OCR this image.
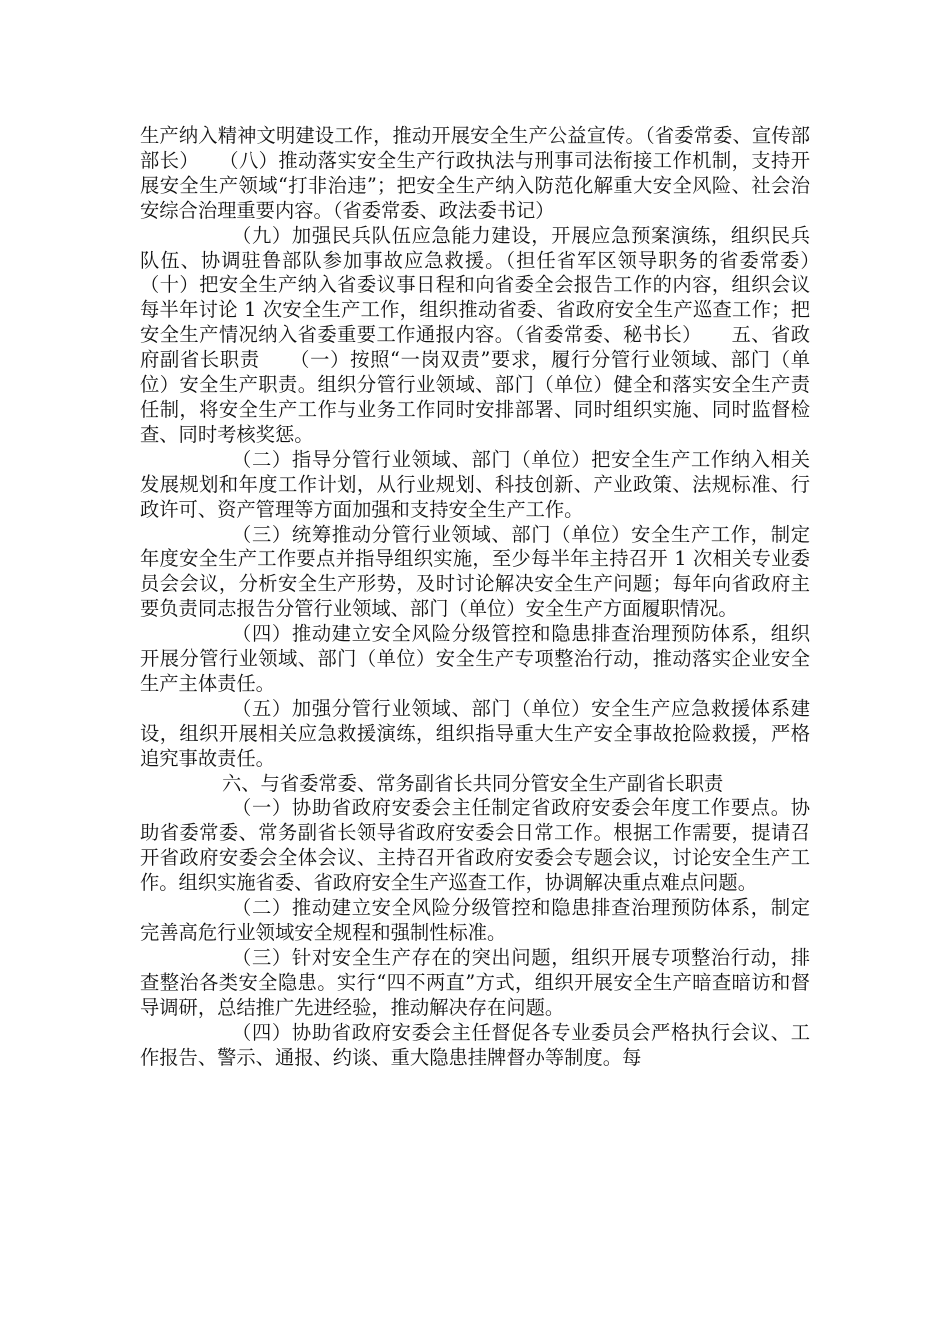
生产纳入精神文明建设工作，推动开展安全生产公益宣传。（省委常委、宣传部部长）　　（八）推动落实安全生产行政执法与刑事司法衔接工作机制，支持开展安全生产领域“打非治违”；把安全生产纳入防范化解重大安全风险、社会治安综合治理重要内容。（省委常委、政法委书记）

（九）加强民兵队伍应急能力建设，开展应急预案演练，组织民兵队伍、协调驻鲁部队参加事故应急救援。（担任省军区领导职务的省委常委）　　（十）把安全生产纳入省委议事日程和向省委全会报告工作的内容，组织会议每半年讨论 1 次安全生产工作，组织推动省委、省政府安全生产巡查工作；把安全生产情况纳入省委重要工作通报内容。（省委常委、秘书长）　　五、省政府副省长职责　　（一）按照“一岗双责”要求，履行分管行业领域、部门（单位）安全生产职责。组织分管行业领域、部门（单位）健全和落实安全生产责任制，将安全生产工作与业务工作同时安排部署、同时组织实施、同时监督检查、同时考核奖惩。

（二）指导分管行业领域、部门（单位）把安全生产工作纳入相关发展规划和年度工作计划，从行业规划、科技创新、产业政策、法规标准、行政许可、资产管理等方面加强和支持安全生产工作。

（三）统筹推动分管行业领域、部门（单位）安全生产工作，制定年度安全生产工作要点并指导组织实施，至少每半年主持召开 1 次相关专业委员会会议，分析安全生产形势，及时讨论解决安全生产问题；每年向省政府主要负责同志报告分管行业领域、部门（单位）安全生产方面履职情况。

（四）推动建立安全风险分级管控和隐患排查治理预防体系，组织开展分管行业领域、部门（单位）安全生产专项整治行动，推动落实企业安全生产主体责任。

（五）加强分管行业领域、部门（单位）安全生产应急救援体系建设，组织开展相关应急救援演练，组织指导重大生产安全事故抢险救援，严格追究事故责任。

六、与省委常委、常务副省长共同分管安全生产副省长职责

（一）协助省政府安委会主任制定省政府安委会年度工作要点。协助省委常委、常务副省长领导省政府安委会日常工作。根据工作需要，提请召开省政府安委会全体会议、主持召开省政府安委会专题会议，讨论安全生产工作。组织实施省委、省政府安全生产巡查工作，协调解决重点难点问题。

（二）推动建立安全风险分级管控和隐患排查治理预防体系，制定完善高危行业领域安全规程和强制性标准。

（三）针对安全生产存在的突出问题，组织开展专项整治行动，排查整治各类安全隐患。实行“四不两直”方式，组织开展安全生产暗查暗访和督导调研，总结推广先进经验，推动解决存在问题。

（四）协助省政府安委会主任督促各专业委员会严格执行会议、工作报告、警示、通报、约谈、重大隐患挂牌督办等制度。每
